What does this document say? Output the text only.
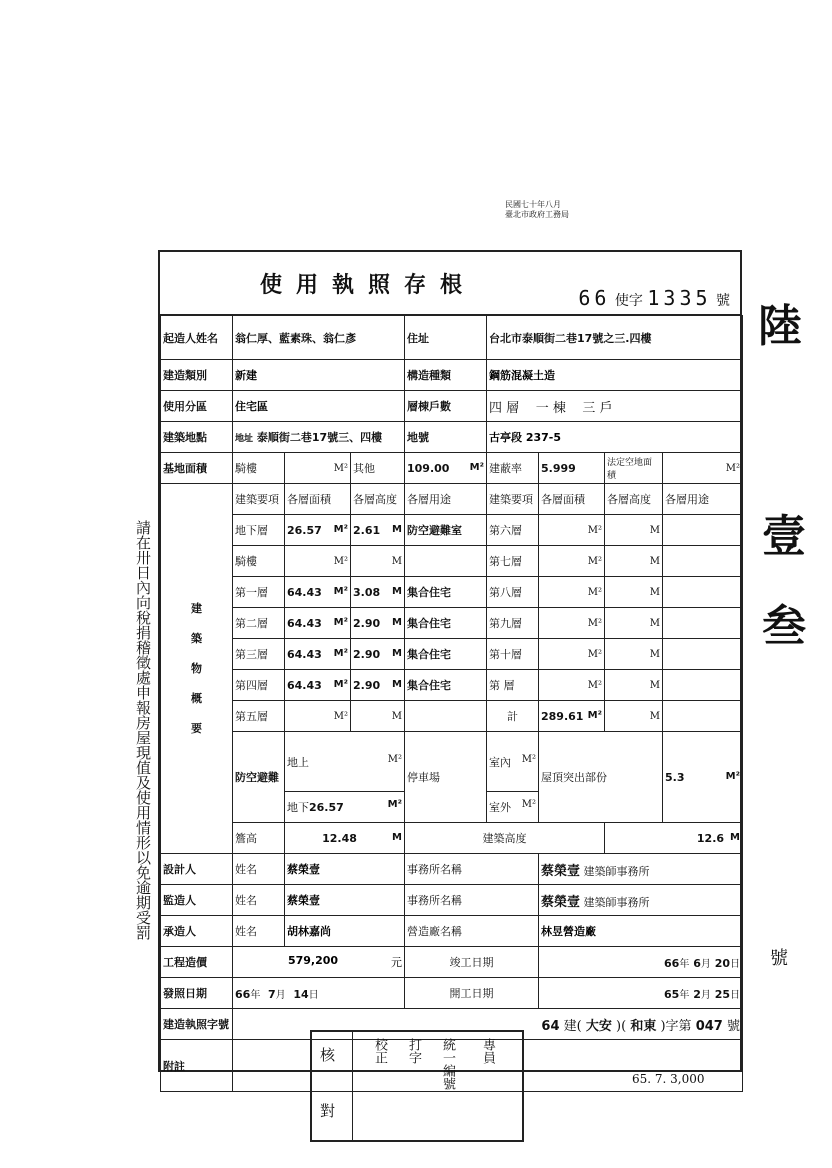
民國七十年八月
臺北市政府工務局
請在卅日內向稅捐稽徵處申報房屋現值及使用情形以免逾期受罰
陸
壹
叁
號
使用執照存根	66 使字 1335 號
起造人姓名	翁仁厚、藍素珠、翁仁彥			住址	台北市泰順街二巷17號之三.四樓			
建造類別	新建			構造種類	鋼筋混凝土造			
使用分區	住宅區			層棟戶數	四 層 一 棟 三 戶			
建築地點	地址 泰順街二巷17號三、四樓			地號	古亭段 237-5			
基地面積	騎樓	M²	其他	109.00 M²	建蔽率	5.999	法定空地面積	M²

建
築
物
概
要	建築要項	各層面積	各層高度	各層用途	建築要項	各層面積	各層高度	各層用途
	地下層	26.57 M²	2.61 M	防空避難室	第六層	M²	M	

	騎樓	M²	M		第七層	M²	M	

	第一層	64.43 M²	3.08 M	集合住宅	第八層	M²	M	

	第二層	64.43 M²	2.90 M	集合住宅	第九層	M²	M	

	第三層	64.43 M²	2.90 M	集合住宅	第十層	M²	M	

	第四層	64.43 M²	2.90 M	集合住宅	第 層	M²	M	

	第五層	M²	M		計	289.61 M²	M	

	防空避難	地上 M²		停車場	室內 M²	屋頂突出部份		5.3 M²

		地下26.57 M²			室外 M²			

	簷高	12.48 M		建築高度			12.6 M	

設計人	姓名	蔡榮壹		事務所名稱		蔡榮壹 建築師事務所		
監造人	姓名	蔡榮壹		事務所名稱		蔡榮壹 建築師事務所		
承造人	姓名	胡林嘉尚		營造廠名稱		林昱營造廠		
工程造價	579,200 元			竣工日期		66年 6月 20日		
發照日期	66年 7月 14日			開工日期		65年 2月 25日		
建造執照字號	64 建( 大安 )( 和東 )字第 047 號							
附註								
核
對
校正 打字 統一編號 專員
65. 7. 3,000
